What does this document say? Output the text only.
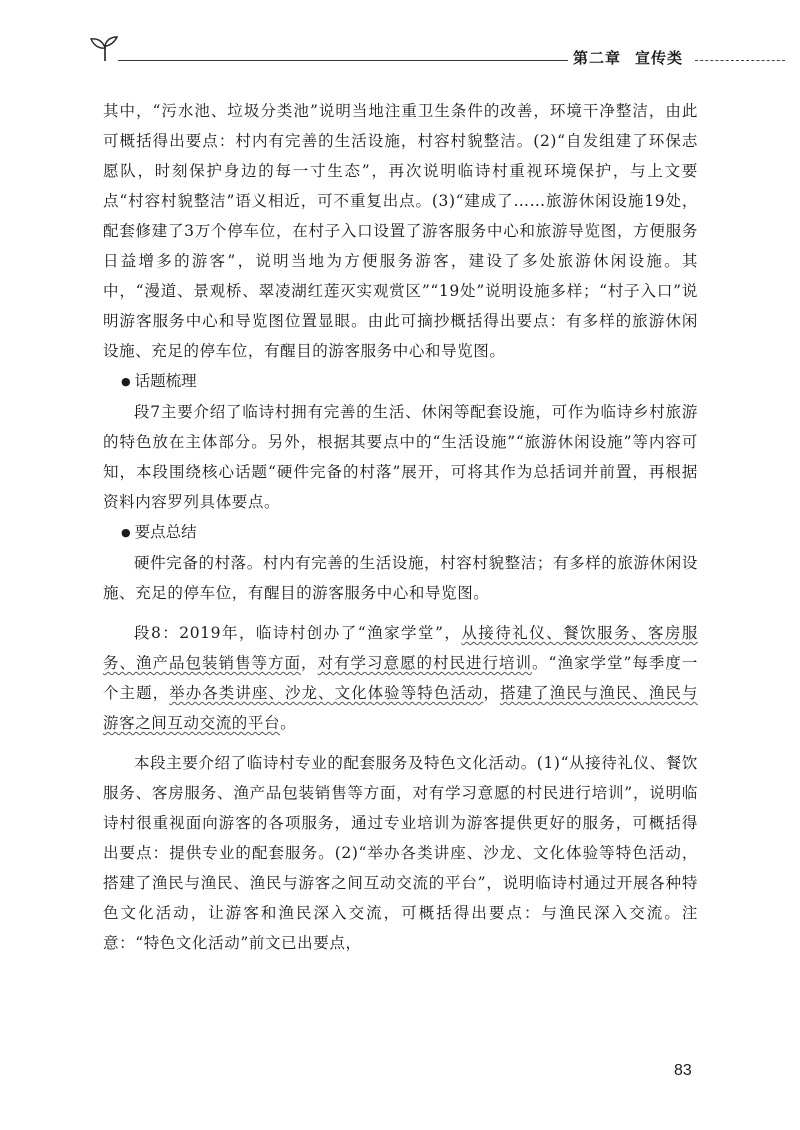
第二章 宣传类

其中，“污水池、垃圾分类池”说明当地注重卫生条件的改善，环境干净整洁，由此可概括得出要点：村内有完善的生活设施，村容村貌整洁。(2)“自发组建了环保志愿队，时刻保护身边的每一寸生态”，再次说明临诗村重视环境保护，与上文要点“村容村貌整洁”语义相近，可不重复出点。(3)“建成了……旅游休闲设施19处，配套修建了3万个停车位，在村子入口设置了游客服务中心和旅游导览图，方便服务日益增多的游客”，说明当地为方便服务游客，建设了多处旅游休闲设施。其中，“漫道、景观桥、翠凌湖红莲灭实观赏区”“19处”说明设施多样；“村子入口”说明游客服务中心和导览图位置显眼。由此可摘抄概括得出要点：有多样的旅游休闲设施、充足的停车位，有醒目的游客服务中心和导览图。

● 话题梳理

段7主要介绍了临诗村拥有完善的生活、休闲等配套设施，可作为临诗乡村旅游的特色放在主体部分。另外，根据其要点中的“生活设施”“旅游休闲设施”等内容可知，本段围绕核心话题“硬件完备的村落”展开，可将其作为总括词并前置，再根据资料内容罗列具体要点。

● 要点总结

硬件完备的村落。村内有完善的生活设施，村容村貌整洁；有多样的旅游休闲设施、充足的停车位，有醒目的游客服务中心和导览图。

段8：2019年，临诗村创办了“渔家学堂”，从接待礼仪、餐饮服务、客房服务、渔产品包装销售等方面，对有学习意愿的村民进行培训。“渔家学堂”每季度一个主题，举办各类讲座、沙龙、文化体验等特色活动，搭建了渔民与渔民、渔民与游客之间互动交流的平台。

本段主要介绍了临诗村专业的配套服务及特色文化活动。(1)“从接待礼仪、餐饮服务、客房服务、渔产品包装销售等方面，对有学习意愿的村民进行培训”，说明临诗村很重视面向游客的各项服务，通过专业培训为游客提供更好的服务，可概括得出要点：提供专业的配套服务。(2)“举办各类讲座、沙龙、文化体验等特色活动，搭建了渔民与渔民、渔民与游客之间互动交流的平台”，说明临诗村通过开展各种特色文化活动，让游客和渔民深入交流，可概括得出要点：与渔民深入交流。注意：“特色文化活动”前文已出要点，

83
